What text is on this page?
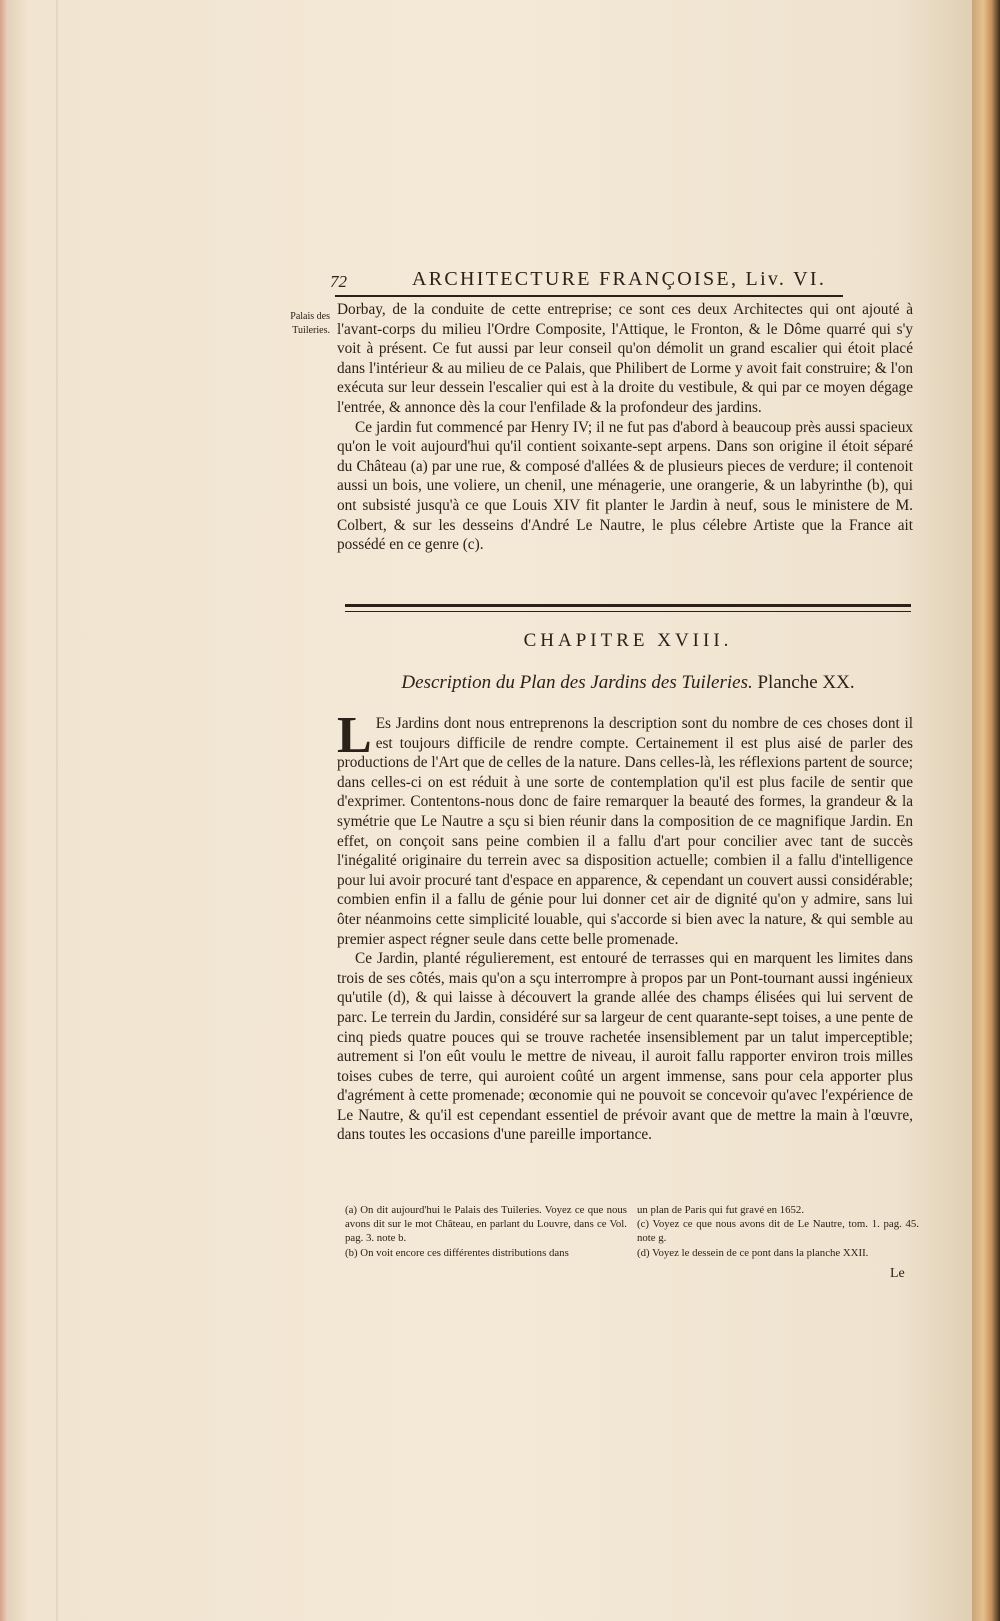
72	ARCHITECTURE FRANÇOISE, Liv. VI.
Palais des Tuileries.

Dorbay, de la conduite de cette entreprise; ce sont ces deux Architectes qui ont ajouté à l'avant-corps du milieu l'Ordre Composite, l'Attique, le Fronton, & le Dôme quarré qui s'y voit à présent. Ce fut aussi par leur conseil qu'on démolit un grand escalier qui étoit placé dans l'intérieur & au milieu de ce Palais, que Philibert de Lorme y avoit fait construire; & l'on exécuta sur leur dessein l'escalier qui est à la droite du vestibule, & qui par ce moyen dégage l'entrée, & annonce dès la cour l'enfilade & la profondeur des jardins.

Ce jardin fut commencé par Henry IV; il ne fut pas d'abord à beaucoup près aussi spacieux qu'on le voit aujourd'hui qu'il contient soixante-sept arpens. Dans son origine il étoit séparé du Château (a) par une rue, & composé d'allées & de plusieurs pieces de verdure; il contenoit aussi un bois, une voliere, un chenil, une ménagerie, une orangerie, & un labyrinthe (b), qui ont subsisté jusqu'à ce que Louis XIV fit planter le Jardin à neuf, sous le ministere de M. Colbert, & sur les desseins d'André Le Nautre, le plus célebre Artiste que la France ait possédé en ce genre (c).

CHAPITRE XVIII.
Description du Plan des Jardins des Tuileries. Planche XX.

L Es Jardins dont nous entreprenons la description sont du nombre de ces choses dont il est toujours difficile de rendre compte. Certainement il est plus aisé de parler des productions de l'Art que de celles de la nature. Dans celles-là, les réflexions partent de source; dans celles-ci on est réduit à une sorte de contemplation qu'il est plus facile de sentir que d'exprimer. Contentons-nous donc de faire remarquer la beauté des formes, la grandeur & la symétrie que Le Nautre a sçu si bien réunir dans la composition de ce magnifique Jardin. En effet, on conçoit sans peine combien il a fallu d'art pour concilier avec tant de succès l'inégalité originaire du terrein avec sa disposition actuelle; combien il a fallu d'intelligence pour lui avoir procuré tant d'espace en apparence, & cependant un couvert aussi considérable; combien enfin il a fallu de génie pour lui donner cet air de dignité qu'on y admire, sans lui ôter néanmoins cette simplicité louable, qui s'accorde si bien avec la nature, & qui semble au premier aspect régner seule dans cette belle promenade.

Ce Jardin, planté régulierement, est entouré de terrasses qui en marquent les limites dans trois de ses côtés, mais qu'on a sçu interrompre à propos par un Pont-tournant aussi ingénieux qu'utile (d), & qui laisse à découvert la grande allée des champs élisées qui lui servent de parc. Le terrein du Jardin, considéré sur sa largeur de cent quarante-sept toises, a une pente de cinq pieds quatre pouces qui se trouve rachetée insensiblement par un talut imperceptible; autrement si l'on eût voulu le mettre de niveau, il auroit fallu rapporter environ trois milles toises cubes de terre, qui auroient coûté un argent immense, sans pour cela apporter plus d'agrément à cette promenade; œconomie qui ne pouvoit se concevoir qu'avec l'expérience de Le Nautre, & qu'il est cependant essentiel de prévoir avant que de mettre la main à l'œuvre, dans toutes les occasions d'une pareille importance.

(a) On dit aujourd'hui le Palais des Tuileries. Voyez ce que nous avons dit sur le mot Château, en parlant du Louvre, dans ce Vol. pag. 3. note b.

(b) On voit encore ces différentes distributions dans

un plan de Paris qui fut gravé en 1652.

(c) Voyez ce que nous avons dit de Le Nautre, tom. 1. pag. 45. note g.

(d) Voyez le dessein de ce pont dans la planche XXII.

Le
